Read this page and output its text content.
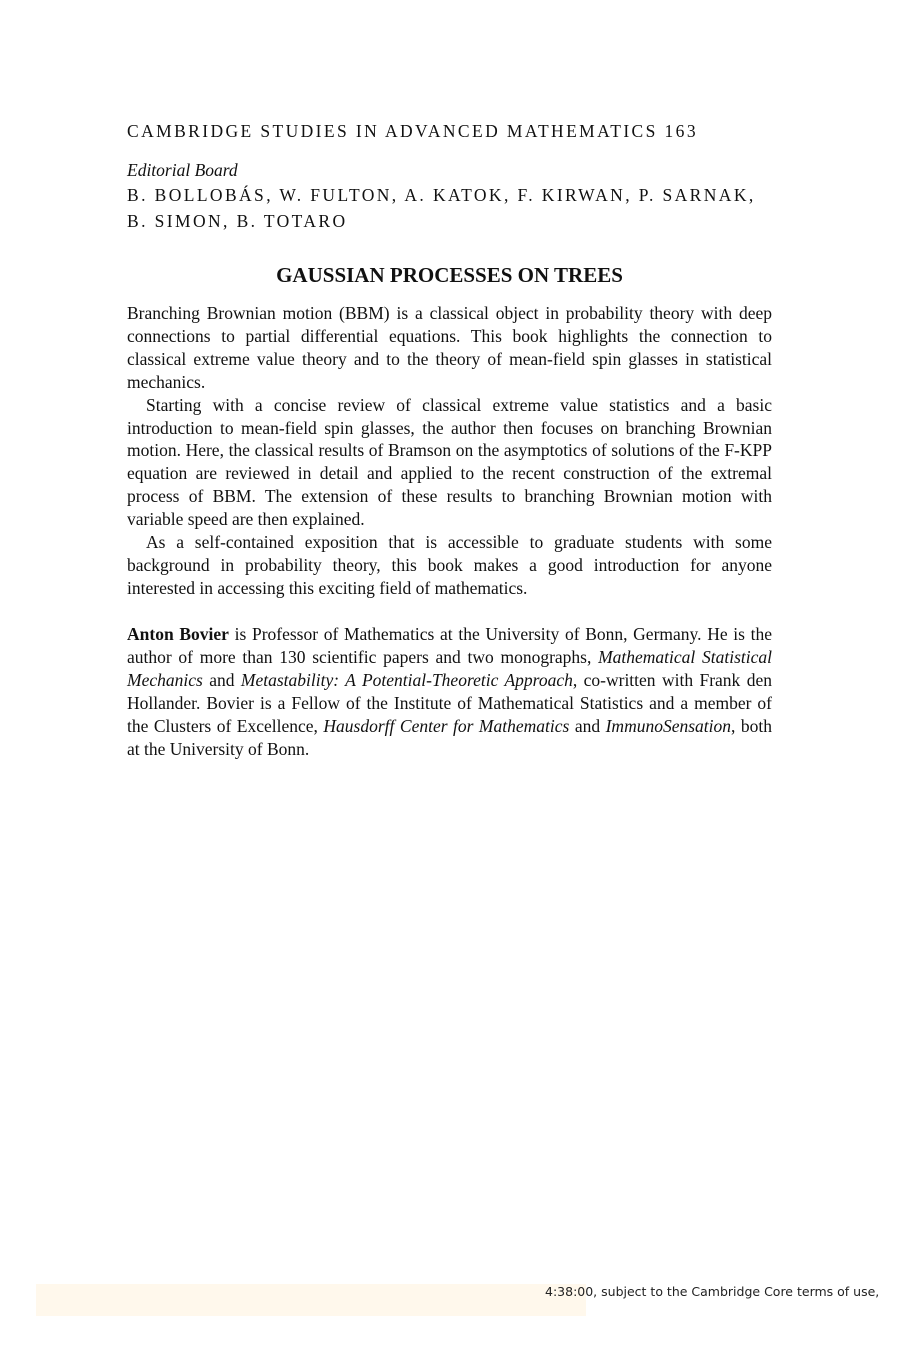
CAMBRIDGE STUDIES IN ADVANCED MATHEMATICS 163
Editorial Board
B. BOLLOBÁS, W. FULTON, A. KATOK, F. KIRWAN, P. SARNAK,
B. SIMON, B. TOTARO
GAUSSIAN PROCESSES ON TREES

Branching Brownian motion (BBM) is a classical object in probability theory with deep connections to partial differential equations. This book highlights the connection to classical extreme value theory and to the theory of mean-field spin glasses in statistical mechanics.

Starting with a concise review of classical extreme value statistics and a basic introduction to mean-field spin glasses, the author then focuses on branching Brownian motion. Here, the classical results of Bramson on the asymptotics of solutions of the F-KPP equation are reviewed in detail and applied to the recent construction of the extremal process of BBM. The extension of these results to branching Brownian motion with variable speed are then explained.

As a self-contained exposition that is accessible to graduate students with some background in probability theory, this book makes a good introduction for anyone interested in accessing this exciting field of mathematics.

Anton Bovier is Professor of Mathematics at the University of Bonn, Germany. He is the author of more than 130 scientific papers and two monographs, Mathematical Statistical Mechanics and Metastability: A Potential-Theoretic Approach, co-written with Frank den Hollander. Bovier is a Fellow of the Institute of Mathematical Statistics and a member of the Clusters of Excellence, Hausdorff Center for Mathematics and ImmunoSensation, both at the University of Bonn.
4:38:00, subject to the Cambridge Core terms of use,
